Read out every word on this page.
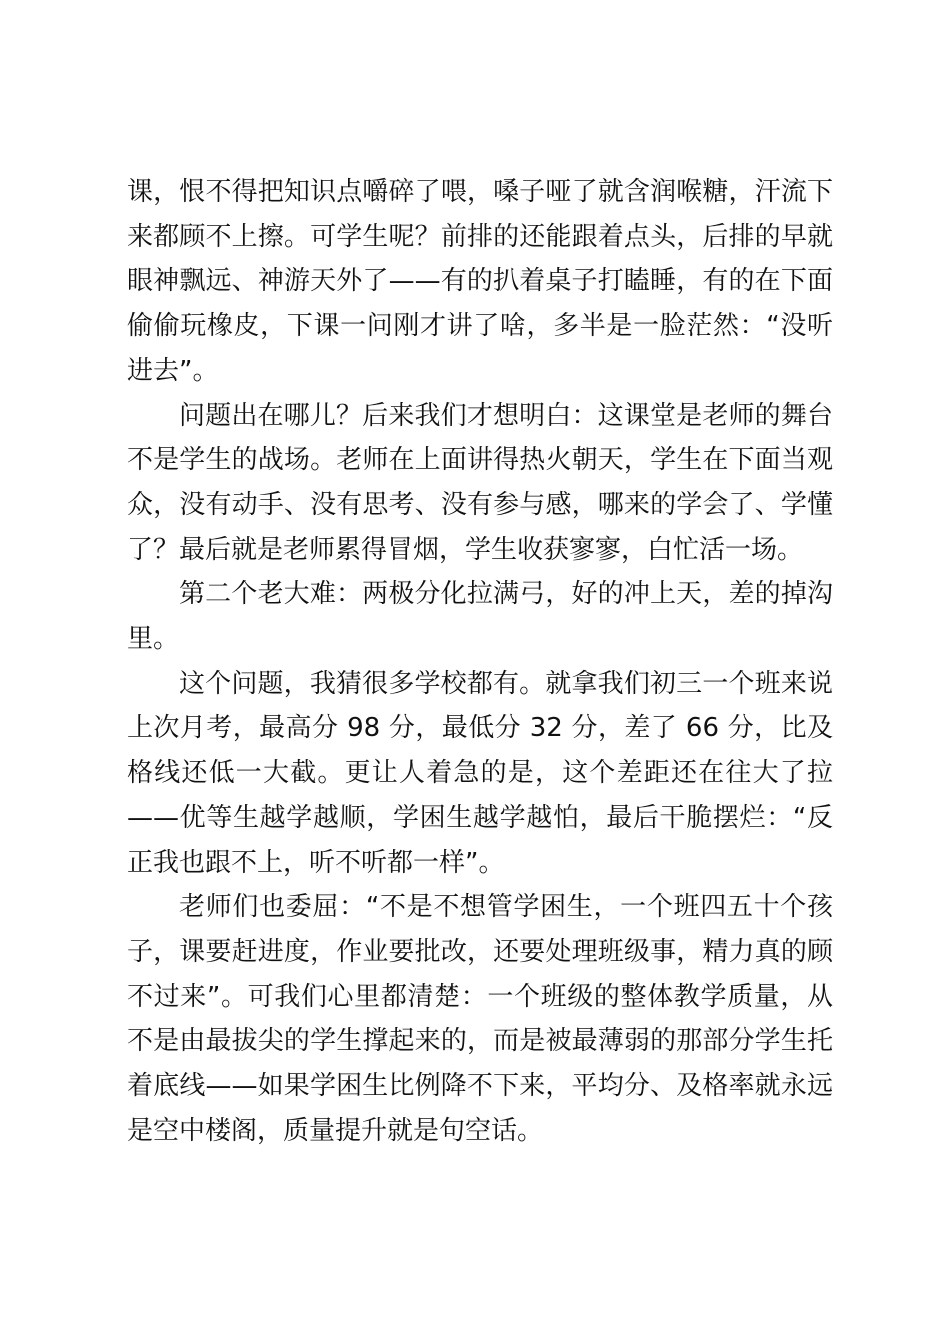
课，恨不得把知识点嚼碎了喂，嗓子哑了就含润喉糖，汗流下来都顾不上擦。可学生呢？前排的还能跟着点头，后排的早就眼神飘远、神游天外了——有的扒着桌子打瞌睡，有的在下面偷偷玩橡皮，下课一问刚才讲了啥，多半是一脸茫然：“没听进去”。

问题出在哪儿？后来我们才想明白：这课堂是老师的舞台不是学生的战场。老师在上面讲得热火朝天，学生在下面当观众，没有动手、没有思考、没有参与感，哪来的学会了、学懂了？最后就是老师累得冒烟，学生收获寥寥，白忙活一场。

第二个老大难：两极分化拉满弓，好的冲上天，差的掉沟里。

这个问题，我猜很多学校都有。就拿我们初三一个班来说上次月考，最高分 98 分，最低分 32 分，差了 66 分，比及格线还低一大截。更让人着急的是，这个差距还在往大了拉——优等生越学越顺，学困生越学越怕，最后干脆摆烂：“反正我也跟不上，听不听都一样”。

老师们也委屈：“不是不想管学困生，一个班四五十个孩子，课要赶进度，作业要批改，还要处理班级事，精力真的顾不过来”。可我们心里都清楚：一个班级的整体教学质量，从不是由最拔尖的学生撑起来的，而是被最薄弱的那部分学生托着底线——如果学困生比例降不下来，平均分、及格率就永远是空中楼阁，质量提升就是句空话。
